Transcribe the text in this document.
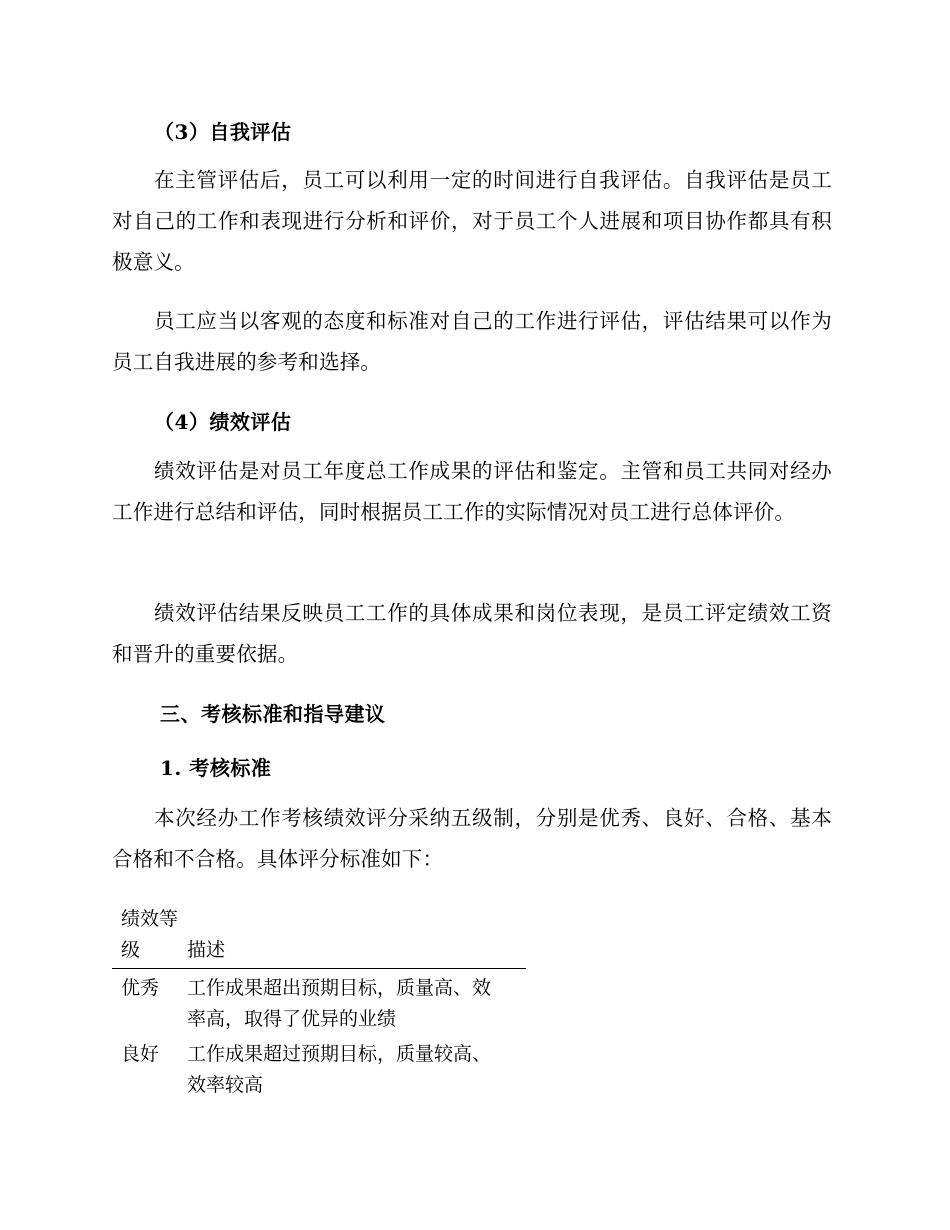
（3）自我评估

在主管评估后，员工可以利用一定的时间进行自我评估。自我评估是员工对自己的工作和表现进行分析和评价，对于员工个人进展和项目协作都具有积极意义。

员工应当以客观的态度和标准对自己的工作进行评估，评估结果可以作为员工自我进展的参考和选择。

（4）绩效评估

绩效评估是对员工年度总工作成果的评估和鉴定。主管和员工共同对经办工作进行总结和评估，同时根据员工工作的实际情况对员工进行总体评价。

绩效评估结果反映员工工作的具体成果和岗位表现，是员工评定绩效工资和晋升的重要依据。

三、考核标准和指导建议
1. 考核标准

本次经办工作考核绩效评分采纳五级制，分别是优秀、良好、合格、基本合格和不合格。具体评分标准如下：

绩效等级	描述
优秀	工作成果超出预期目标，质量高、效率高，取得了优异的业绩
良好	工作成果超过预期目标，质量较高、效率较高
